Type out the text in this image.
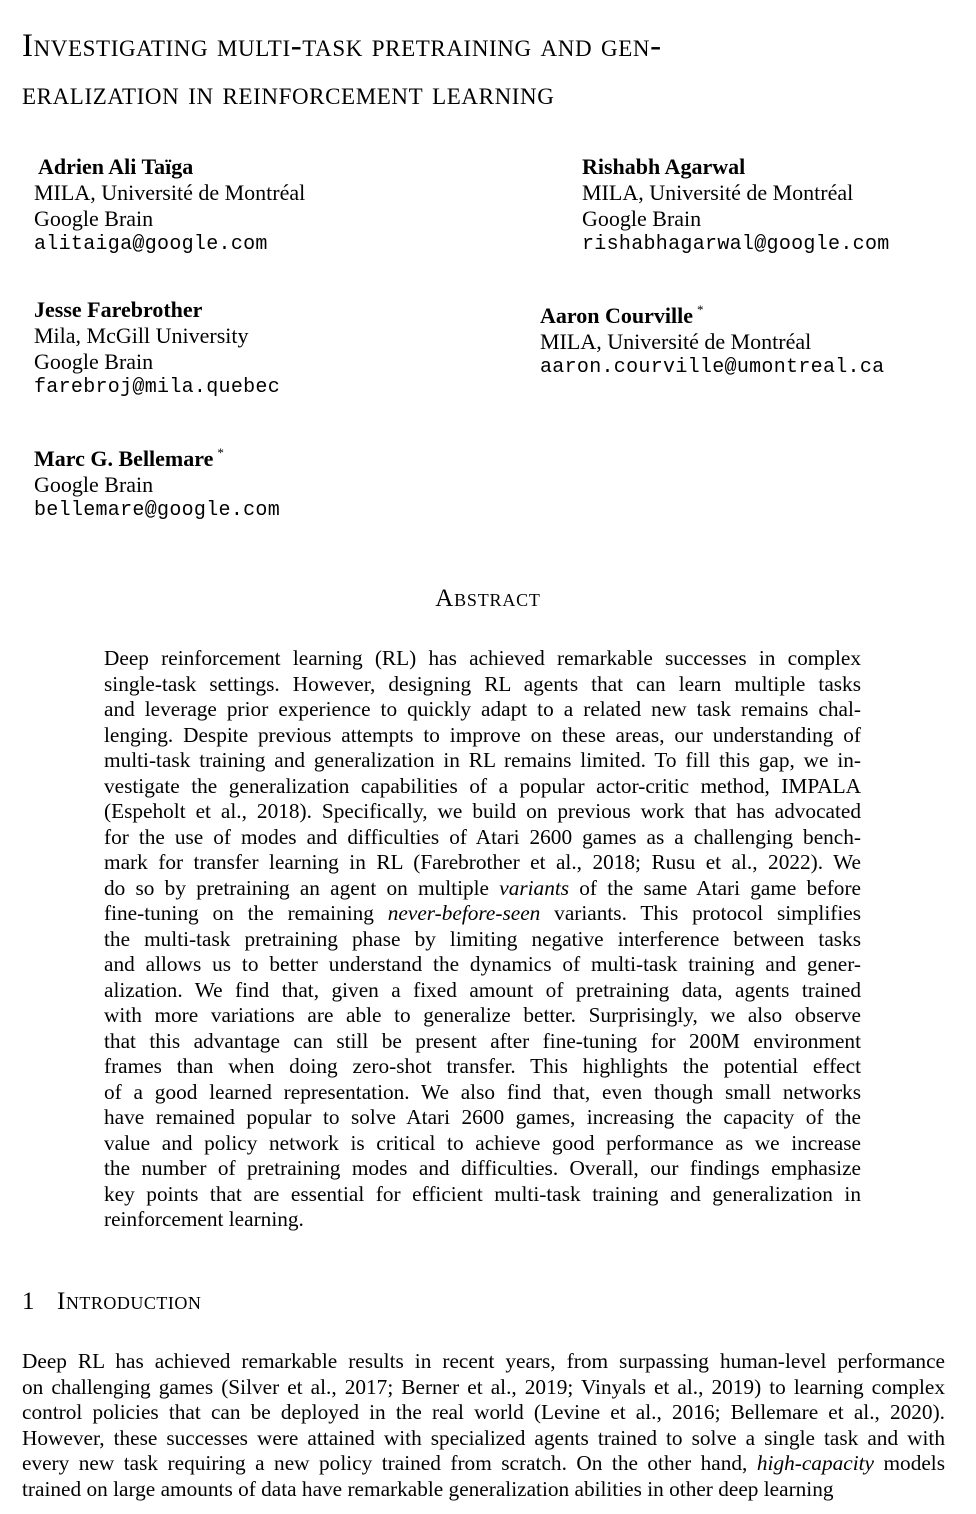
Investigating multi-task pretraining and gen-
eralization in reinforcement learning
Adrien Ali Taïga
MILA, Université de Montréal
Google Brain
alitaiga@google.com
Rishabh Agarwal
MILA, Université de Montréal
Google Brain
rishabhagarwal@google.com
Jesse Farebrother
Mila, McGill University
Google Brain
farebroj@mila.quebec
Aaron Courville *
MILA, Université de Montréal
aaron.courville@umontreal.ca
Marc G. Bellemare *
Google Brain
bellemare@google.com
Abstract
Deep reinforcement learning (RL) has achieved remarkable successes in complex
single-task settings. However, designing RL agents that can learn multiple tasks
and leverage prior experience to quickly adapt to a related new task remains chal-
lenging. Despite previous attempts to improve on these areas, our understanding of
multi-task training and generalization in RL remains limited. To fill this gap, we in-
vestigate the generalization capabilities of a popular actor-critic method, IMPALA
(Espeholt et al., 2018). Specifically, we build on previous work that has advocated
for the use of modes and difficulties of Atari 2600 games as a challenging bench-
mark for transfer learning in RL (Farebrother et al., 2018; Rusu et al., 2022). We
do so by pretraining an agent on multiple variants of the same Atari game before
fine-tuning on the remaining never-before-seen variants. This protocol simplifies
the multi-task pretraining phase by limiting negative interference between tasks
and allows us to better understand the dynamics of multi-task training and gener-
alization. We find that, given a fixed amount of pretraining data, agents trained
with more variations are able to generalize better. Surprisingly, we also observe
that this advantage can still be present after fine-tuning for 200M environment
frames than when doing zero-shot transfer. This highlights the potential effect
of a good learned representation. We also find that, even though small networks
have remained popular to solve Atari 2600 games, increasing the capacity of the
value and policy network is critical to achieve good performance as we increase
the number of pretraining modes and difficulties. Overall, our findings emphasize
key points that are essential for efficient multi-task training and generalization in
reinforcement learning.
1 Introduction
Deep RL has achieved remarkable results in recent years, from surpassing human-level performance
on challenging games (Silver et al., 2017; Berner et al., 2019; Vinyals et al., 2019) to learning complex
control policies that can be deployed in the real world (Levine et al., 2016; Bellemare et al., 2020).
However, these successes were attained with specialized agents trained to solve a single task and with
every new task requiring a new policy trained from scratch. On the other hand, high-capacity models
trained on large amounts of data have remarkable generalization abilities in other deep learning
